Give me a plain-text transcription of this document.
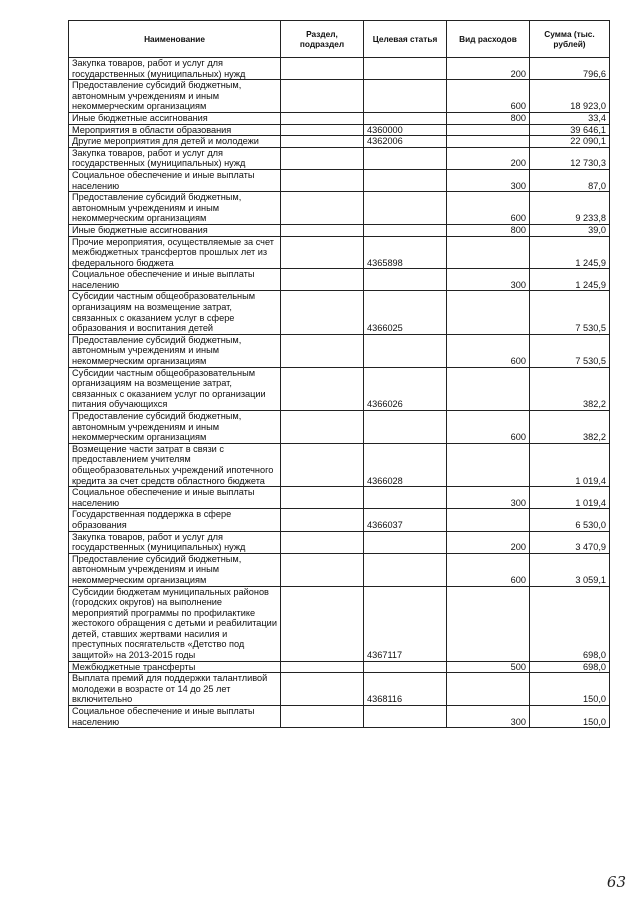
Наименование	Раздел, подраздел	Целевая статья	Вид расходов	Сумма (тыс. рублей)
Закупка товаров, работ и услуг для государственных (муниципальных) нужд			200	796,6
Предоставление субсидий бюджетным, автономным учреждениям и иным некоммерческим организациям			600	18 923,0
Иные бюджетные ассигнования			800	33,4
Мероприятия в области образования		4360000		39 646,1
Другие мероприятия для детей и молодежи		4362006		22 090,1
Закупка товаров, работ и услуг для государственных (муниципальных) нужд			200	12 730,3
Социальное обеспечение и иные выплаты населению			300	87,0
Предоставление субсидий бюджетным, автономным учреждениям и иным некоммерческим организациям			600	9 233,8
Иные бюджетные ассигнования			800	39,0
Прочие мероприятия, осуществляемые за счет межбюджетных трансфертов прошлых лет из федерального бюджета		4365898		1 245,9
Социальное обеспечение и иные выплаты населению			300	1 245,9
Субсидии частным общеобразовательным организациям на возмещение затрат, связанных с оказанием услуг в сфере образования и воспитания детей		4366025		7 530,5
Предоставление субсидий бюджетным, автономным учреждениям и иным некоммерческим организациям			600	7 530,5
Субсидии частным общеобразовательным организациям на возмещение затрат, связанных с оказанием услуг по организации питания обучающихся		4366026		382,2
Предоставление субсидий бюджетным, автономным учреждениям и иным некоммерческим организациям			600	382,2
Возмещение части затрат в связи с предоставлением учителям общеобразовательных учреждений ипотечного кредита за счет средств областного бюджета		4366028		1 019,4
Социальное обеспечение и иные выплаты населению			300	1 019,4
Государственная поддержка в сфере образования		4366037		6 530,0
Закупка товаров, работ и услуг для государственных (муниципальных) нужд			200	3 470,9
Предоставление субсидий бюджетным, автономным учреждениям и иным некоммерческим организациям			600	3 059,1
Субсидии бюджетам муниципальных районов (городских округов) на выполнение мероприятий программы по профилактике жестокого обращения с детьми и реабилитации детей, ставших жертвами насилия и преступных посягательств «Детство под защитой» на 2013-2015 годы		4367117		698,0
Межбюджетные трансферты			500	698,0
Выплата премий для поддержки талантливой молодежи в возрасте от 14 до 25 лет включительно		4368116		150,0
Социальное обеспечение и иные выплаты населению			300	150,0
63
